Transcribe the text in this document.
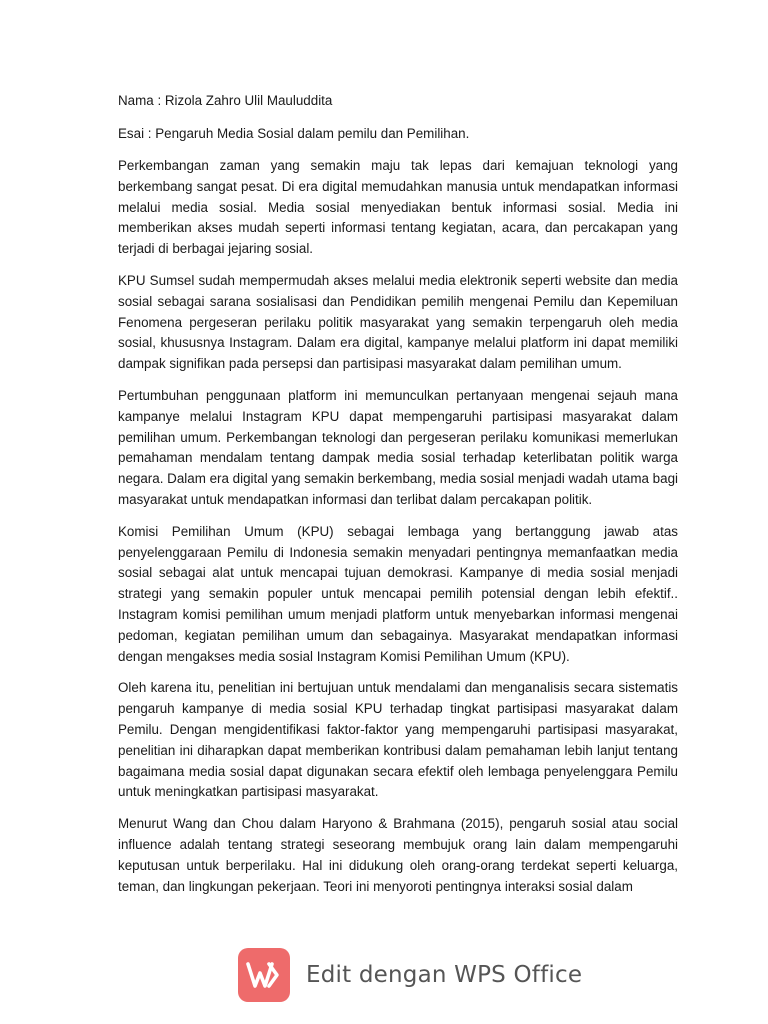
Nama : Rizola Zahro Ulil Mauluddita
Esai : Pengaruh Media Sosial dalam pemilu dan Pemilihan.

Perkembangan zaman yang semakin maju tak lepas dari kemajuan teknologi yang berkembang sangat pesat. Di era digital memudahkan manusia untuk mendapatkan informasi melalui media sosial. Media sosial menyediakan bentuk informasi sosial. Media ini memberikan akses mudah seperti informasi tentang kegiatan, acara, dan percakapan yang terjadi di berbagai jejaring sosial.

KPU Sumsel sudah mempermudah akses melalui media elektronik seperti website dan media sosial sebagai sarana sosialisasi dan Pendidikan pemilih mengenai Pemilu dan Kepemiluan Fenomena pergeseran perilaku politik masyarakat yang semakin terpengaruh oleh media sosial, khususnya Instagram. Dalam era digital, kampanye melalui platform ini dapat memiliki dampak signifikan pada persepsi dan partisipasi masyarakat dalam pemilihan umum.

Pertumbuhan penggunaan platform ini memunculkan pertanyaan mengenai sejauh mana kampanye melalui Instagram KPU dapat mempengaruhi partisipasi masyarakat dalam pemilihan umum. Perkembangan teknologi dan pergeseran perilaku komunikasi memerlukan pemahaman mendalam tentang dampak media sosial terhadap keterlibatan politik warga negara. Dalam era digital yang semakin berkembang, media sosial menjadi wadah utama bagi masyarakat untuk mendapatkan informasi dan terlibat dalam percakapan politik.

Komisi Pemilihan Umum (KPU) sebagai lembaga yang bertanggung jawab atas penyelenggaraan Pemilu di Indonesia semakin menyadari pentingnya memanfaatkan media sosial sebagai alat untuk mencapai tujuan demokrasi. Kampanye di media sosial menjadi strategi yang semakin populer untuk mencapai pemilih potensial dengan lebih efektif.. Instagram komisi pemilihan umum menjadi platform untuk menyebarkan informasi mengenai pedoman, kegiatan pemilihan umum dan sebagainya. Masyarakat mendapatkan informasi dengan mengakses media sosial Instagram Komisi Pemilihan Umum (KPU).

Oleh karena itu, penelitian ini bertujuan untuk mendalami dan menganalisis secara sistematis pengaruh kampanye di media sosial KPU terhadap tingkat partisipasi masyarakat dalam Pemilu. Dengan mengidentifikasi faktor-faktor yang mempengaruhi partisipasi masyarakat, penelitian ini diharapkan dapat memberikan kontribusi dalam pemahaman lebih lanjut tentang bagaimana media sosial dapat digunakan secara efektif oleh lembaga penyelenggara Pemilu untuk meningkatkan partisipasi masyarakat.

Menurut Wang dan Chou dalam Haryono & Brahmana (2015), pengaruh sosial atau social influence adalah tentang strategi seseorang membujuk orang lain dalam mempengaruhi keputusan untuk berperilaku. Hal ini didukung oleh orang-orang terdekat seperti keluarga, teman, dan lingkungan pekerjaan. Teori ini menyoroti pentingnya interaksi sosial dalam

Edit dengan WPS Office
